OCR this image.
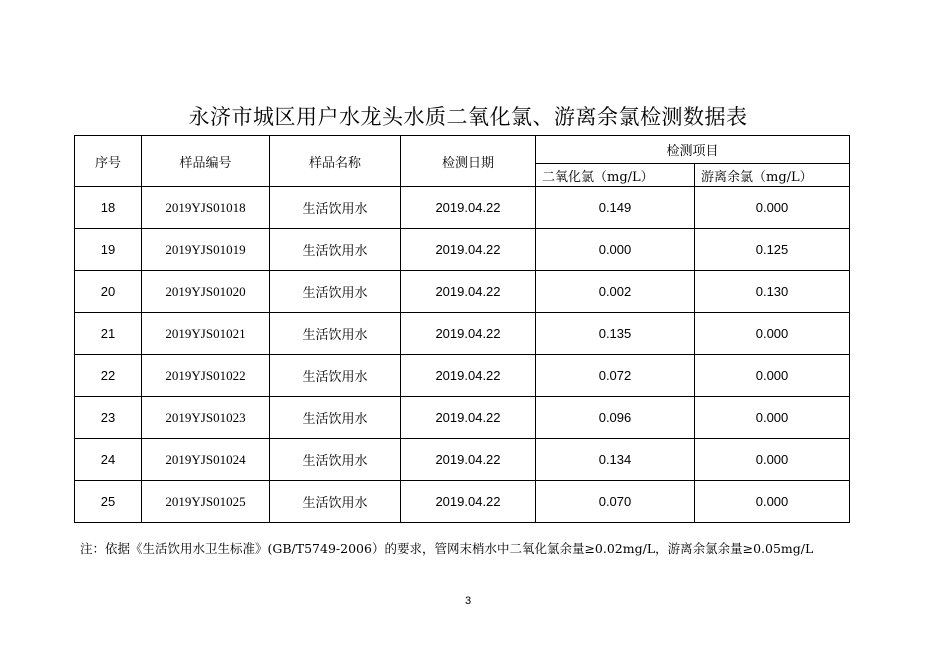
永济市城区用户水龙头水质二氧化氯、游离余氯检测数据表
序号	样品编号	样品名称	检测日期	检测项目	
				二氧化氯（mg/L）	游离余氯（mg/L）
18	2019YJS01018	生活饮用水	2019.04.22	0.149	0.000
19	2019YJS01019	生活饮用水	2019.04.22	0.000	0.125
20	2019YJS01020	生活饮用水	2019.04.22	0.002	0.130
21	2019YJS01021	生活饮用水	2019.04.22	0.135	0.000
22	2019YJS01022	生活饮用水	2019.04.22	0.072	0.000
23	2019YJS01023	生活饮用水	2019.04.22	0.096	0.000
24	2019YJS01024	生活饮用水	2019.04.22	0.134	0.000
25	2019YJS01025	生活饮用水	2019.04.22	0.070	0.000
注：依据《生活饮用水卫生标准》(GB/T5749-2006）的要求，管网末梢水中二氧化氯余量≥0.02mg/L，游离余氯余量≥0.05mg/L
3
